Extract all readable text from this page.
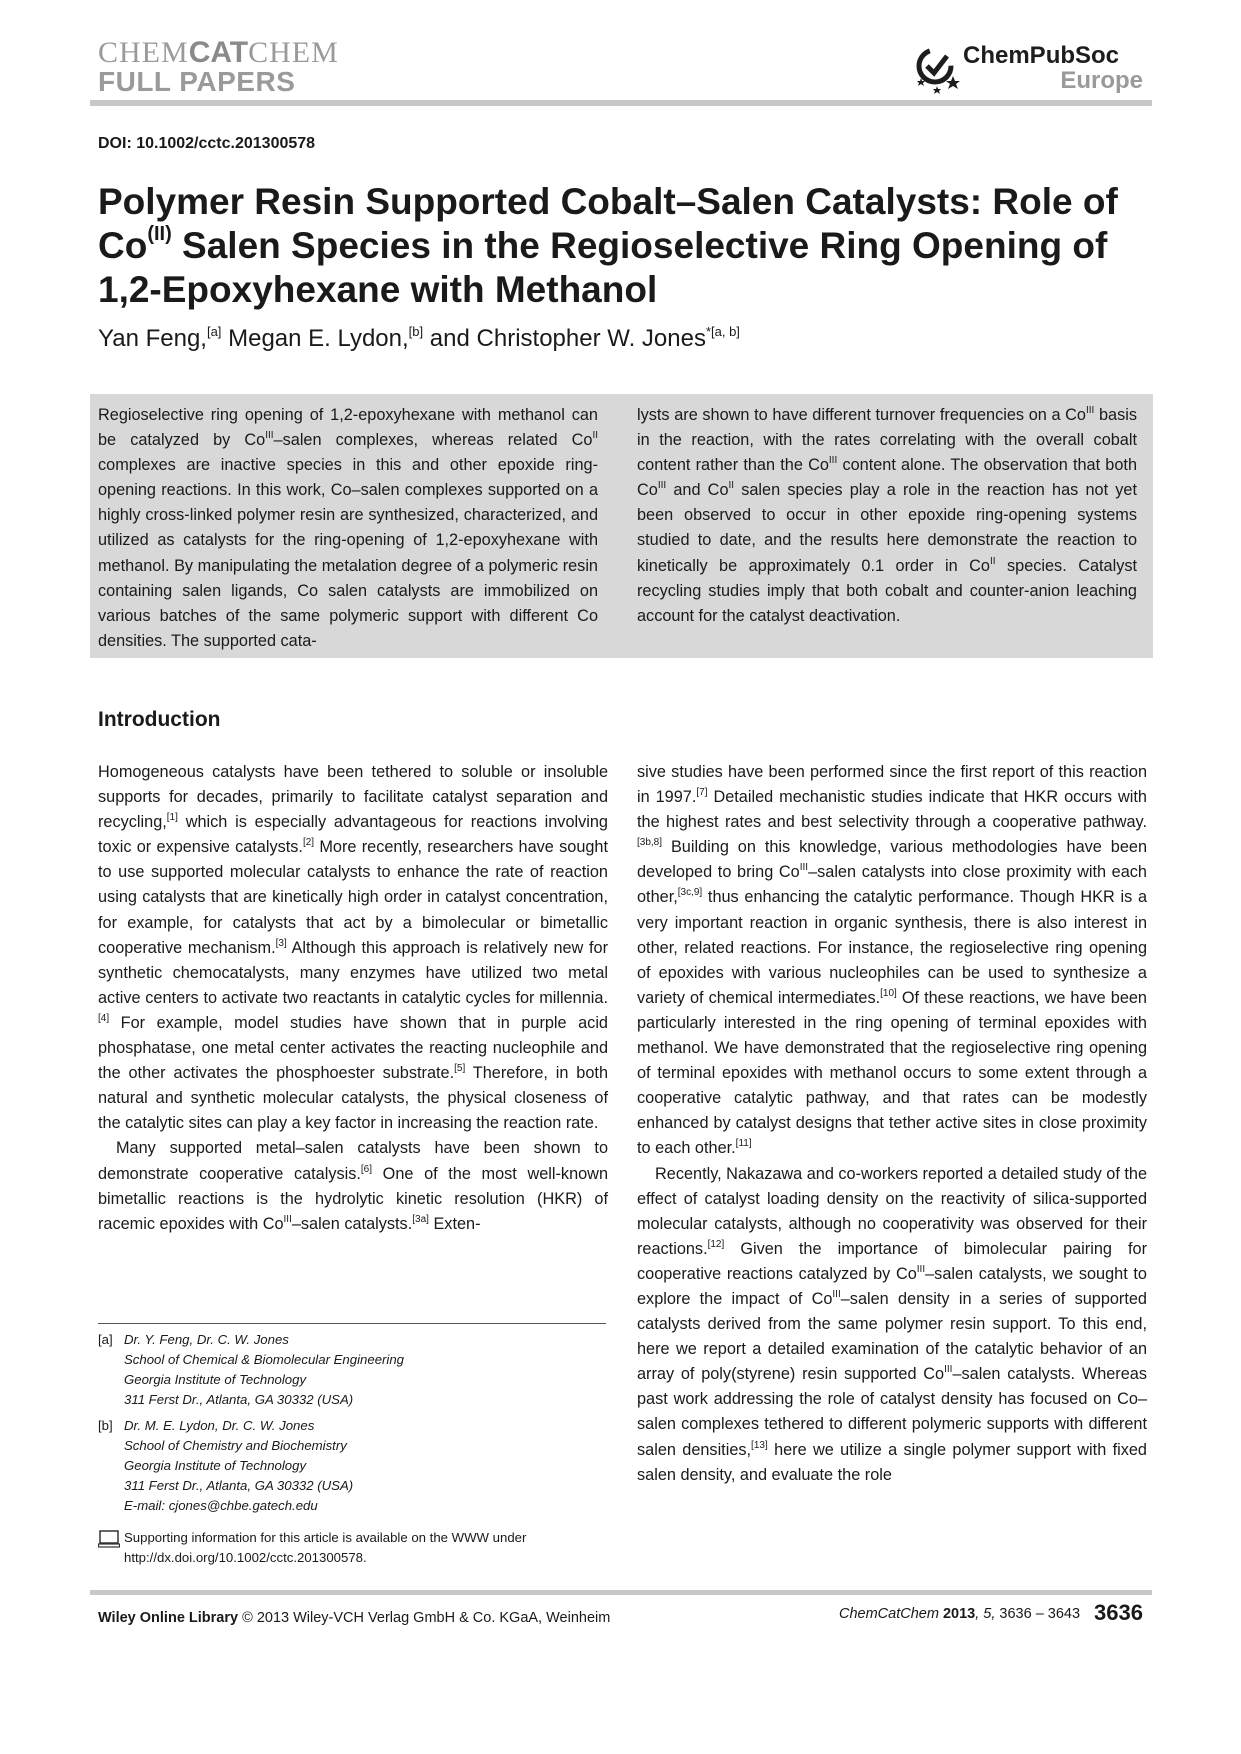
CHEMCATCHEM
FULL PAPERS
ChemPubSoc
Europe
DOI: 10.1002/cctc.201300578
Polymer Resin Supported Cobalt–Salen Catalysts: Role of
$Co^{(II)}$ Salen Species in the Regioselective Ring Opening of
1,2-Epoxyhexane with Methanol
Yan Feng,[a] Megan E. Lydon,[b] and Christopher W. Jones$^{*[a, b]}$
Regioselective ring opening of 1,2-epoxyhexane with methanol can be catalyzed by $Co^{III}$–salen complexes, whereas related $Co^{II}$ complexes are inactive species in this and other epoxide ring-opening reactions. In this work, Co–salen complexes supported on a highly cross-linked polymer resin are synthesized, characterized, and utilized as catalysts for the ring-opening of 1,2-epoxyhexane with methanol. By manipulating the metalation degree of a polymeric resin containing salen ligands, Co salen catalysts are immobilized on various batches of the same polymeric support with different Co densities. The supported cata-
lysts are shown to have different turnover frequencies on a $Co^{III}$ basis in the reaction, with the rates correlating with the overall cobalt content rather than the $Co^{III}$ content alone. The observation that both $Co^{III}$ and $Co^{II}$ salen species play a role in the reaction has not yet been observed to occur in other epoxide ring-opening systems studied to date, and the results here demonstrate the reaction to kinetically be approximately 0.1 order in $Co^{II}$ species. Catalyst recycling studies imply that both cobalt and counter-anion leaching account for the catalyst deactivation.
Introduction

Homogeneous catalysts have been tethered to soluble or insoluble supports for decades, primarily to facilitate catalyst separation and recycling,[1] which is especially advantageous for reactions involving toxic or expensive catalysts.[2] More recently, researchers have sought to use supported molecular catalysts to enhance the rate of reaction using catalysts that are kinetically high order in catalyst concentration, for example, for catalysts that act by a bimolecular or bimetallic cooperative mechanism.[3] Although this approach is relatively new for synthetic chemocatalysts, many enzymes have utilized two metal active centers to activate two reactants in catalytic cycles for millennia.[4] For example, model studies have shown that in purple acid phosphatase, one metal center activates the reacting nucleophile and the other activates the phosphoester substrate.[5] Therefore, in both natural and synthetic molecular catalysts, the physical closeness of the catalytic sites can play a key factor in increasing the reaction rate.

Many supported metal–salen catalysts have been shown to demonstrate cooperative catalysis.[6] One of the most well-known bimetallic reactions is the hydrolytic kinetic resolution (HKR) of racemic epoxides with $Co^{III}$–salen catalysts.[3a] Exten-

sive studies have been performed since the first report of this reaction in 1997.[7] Detailed mechanistic studies indicate that HKR occurs with the highest rates and best selectivity through a cooperative pathway.[3b,8] Building on this knowledge, various methodologies have been developed to bring $Co^{III}$–salen catalysts into close proximity with each other,[3c,9] thus enhancing the catalytic performance. Though HKR is a very important reaction in organic synthesis, there is also interest in other, related reactions. For instance, the regioselective ring opening of epoxides with various nucleophiles can be used to synthesize a variety of chemical intermediates.[10] Of these reactions, we have been particularly interested in the ring opening of terminal epoxides with methanol. We have demonstrated that the regioselective ring opening of terminal epoxides with methanol occurs to some extent through a cooperative catalytic pathway, and that rates can be modestly enhanced by catalyst designs that tether active sites in close proximity to each other.[11]

Recently, Nakazawa and co-workers reported a detailed study of the effect of catalyst loading density on the reactivity of silica-supported molecular catalysts, although no cooperativity was observed for their reactions.[12] Given the importance of bimolecular pairing for cooperative reactions catalyzed by $Co^{III}$–salen catalysts, we sought to explore the impact of $Co^{III}$–salen density in a series of supported catalysts derived from the same polymer resin support. To this end, here we report a detailed examination of the catalytic behavior of an array of poly(styrene) resin supported $Co^{III}$–salen catalysts. Whereas past work addressing the role of catalyst density has focused on Co–salen complexes tethered to different polymeric supports with different salen densities,[13] here we utilize a single polymer support with fixed salen density, and evaluate the role

[a] Dr. Y. Feng, Dr. C. W. Jones
School of Chemical & Biomolecular Engineering
Georgia Institute of Technology
311 Ferst Dr., Atlanta, GA 30332 (USA)
[b] Dr. M. E. Lydon, Dr. C. W. Jones
School of Chemistry and Biochemistry
Georgia Institute of Technology
311 Ferst Dr., Atlanta, GA 30332 (USA)
E-mail: cjones@chbe.gatech.edu
Supporting information for this article is available on the WWW under
http://dx.doi.org/10.1002/cctc.201300578.
Wiley Online Library © 2013 Wiley-VCH Verlag GmbH & Co. KGaA, Weinheim	ChemCatChem 2013, 5, 3636 – 3643 3636
